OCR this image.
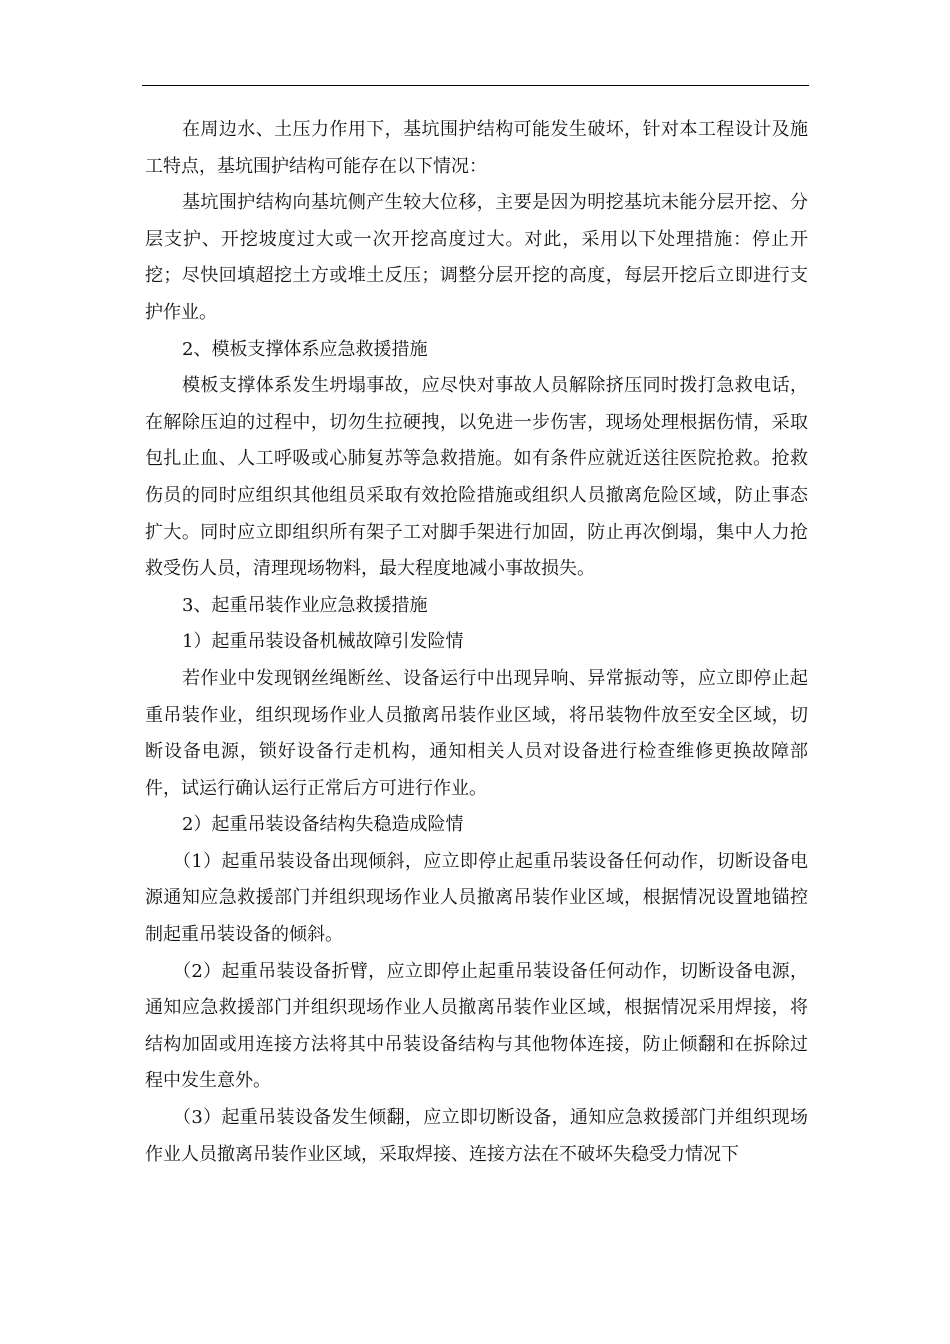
在周边水、土压力作用下，基坑围护结构可能发生破坏，针对本工程设计及施工特点，基坑围护结构可能存在以下情况：

基坑围护结构向基坑侧产生较大位移，主要是因为明挖基坑未能分层开挖、分层支护、开挖坡度过大或一次开挖高度过大。对此，采用以下处理措施：停止开挖；尽快回填超挖土方或堆土反压；调整分层开挖的高度，每层开挖后立即进行支护作业。

2、模板支撑体系应急救援措施

模板支撑体系发生坍塌事故，应尽快对事故人员解除挤压同时拨打急救电话，在解除压迫的过程中，切勿生拉硬拽，以免进一步伤害，现场处理根据伤情，采取包扎止血、人工呼吸或心肺复苏等急救措施。如有条件应就近送往医院抢救。抢救伤员的同时应组织其他组员采取有效抢险措施或组织人员撤离危险区域，防止事态扩大。同时应立即组织所有架子工对脚手架进行加固，防止再次倒塌，集中人力抢救受伤人员，清理现场物料，最大程度地减小事故损失。

3、起重吊装作业应急救援措施

1）起重吊装设备机械故障引发险情

若作业中发现钢丝绳断丝、设备运行中出现异响、异常振动等，应立即停止起重吊装作业，组织现场作业人员撤离吊装作业区域，将吊装物件放至安全区域，切断设备电源，锁好设备行走机构，通知相关人员对设备进行检查维修更换故障部件，试运行确认运行正常后方可进行作业。

2）起重吊装设备结构失稳造成险情

（1）起重吊装设备出现倾斜，应立即停止起重吊装设备任何动作，切断设备电源通知应急救援部门并组织现场作业人员撤离吊装作业区域，根据情况设置地锚控制起重吊装设备的倾斜。

（2）起重吊装设备折臂，应立即停止起重吊装设备任何动作，切断设备电源，通知应急救援部门并组织现场作业人员撤离吊装作业区域，根据情况采用焊接，将结构加固或用连接方法将其中吊装设备结构与其他物体连接，防止倾翻和在拆除过程中发生意外。

（3）起重吊装设备发生倾翻，应立即切断设备，通知应急救援部门并组织现场作业人员撤离吊装作业区域，采取焊接、连接方法在不破坏失稳受力情况下
